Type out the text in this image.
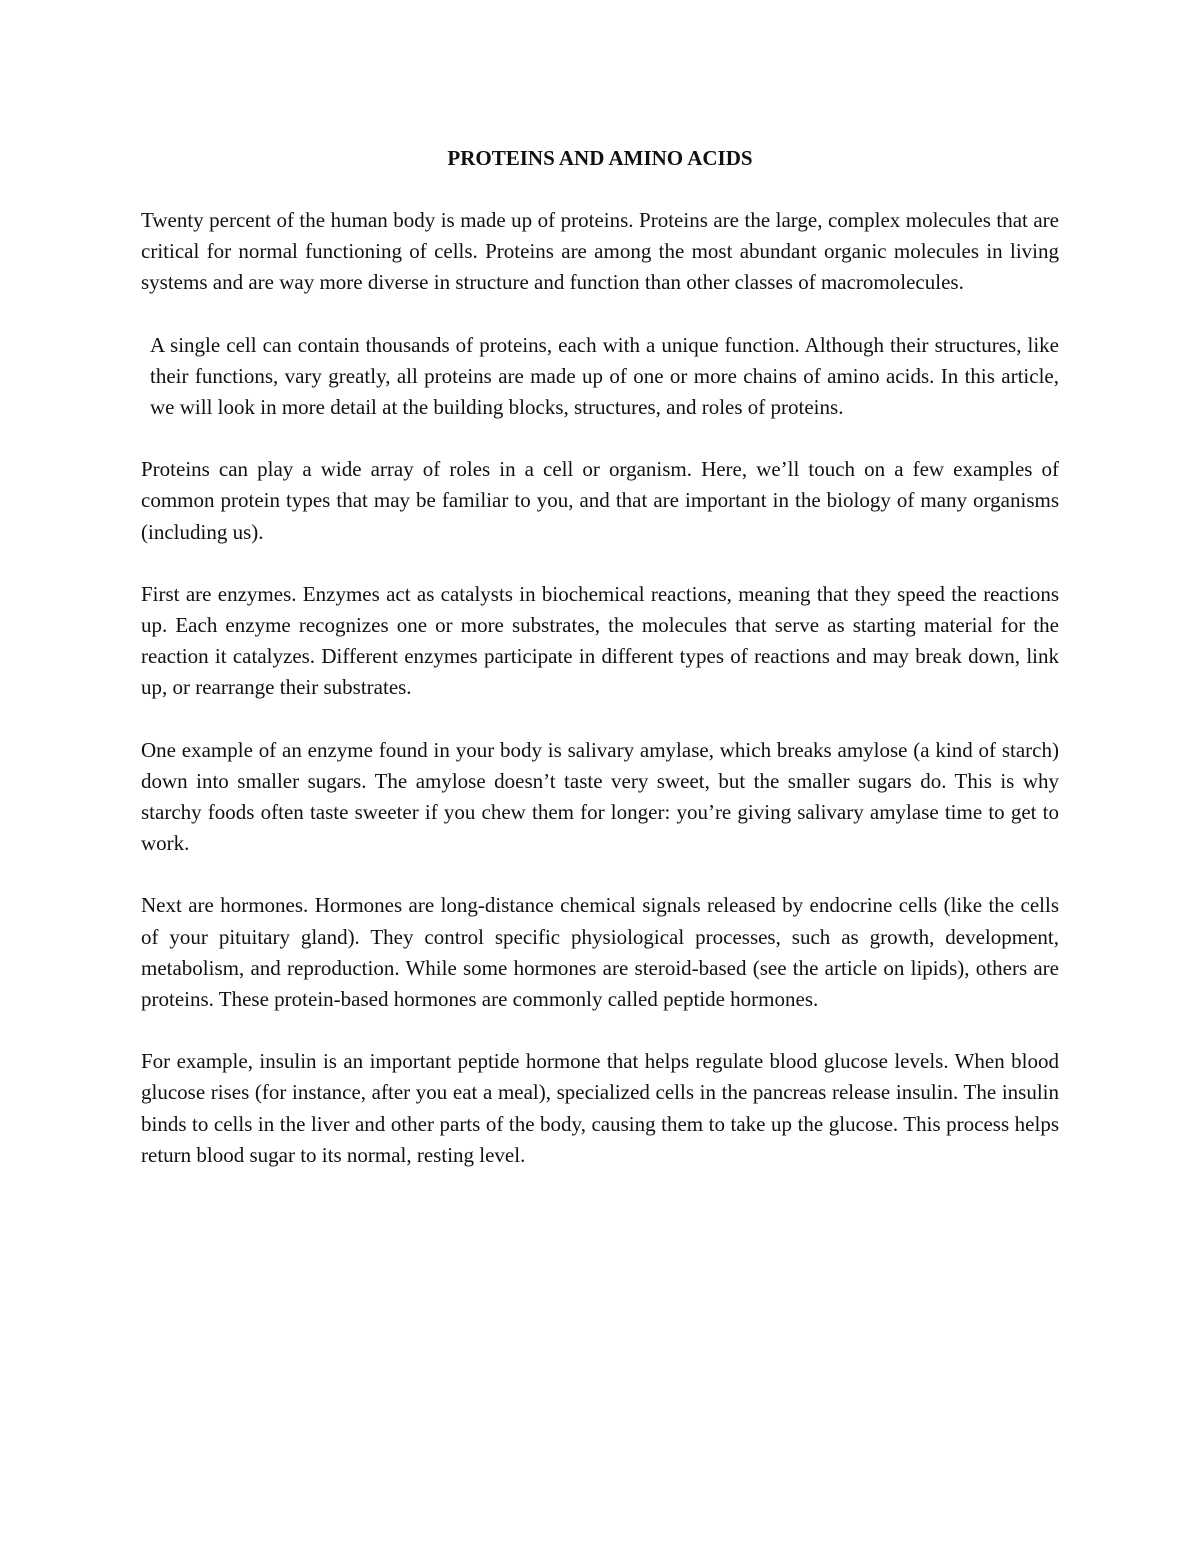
PROTEINS AND AMINO ACIDS

Twenty percent of the human body is made up of proteins. Proteins are the large, complex molecules that are critical for normal functioning of cells. Proteins are among the most abundant organic molecules in living systems and are way more diverse in structure and function than other classes of macromolecules.

A single cell can contain thousands of proteins, each with a unique function. Although their structures, like their functions, vary greatly, all proteins are made up of one or more chains of amino acids. In this article, we will look in more detail at the building blocks, structures, and roles of proteins.

Proteins can play a wide array of roles in a cell or organism. Here, we’ll touch on a few examples of common protein types that may be familiar to you, and that are important in the biology of many organisms (including us).

First are enzymes. Enzymes act as catalysts in biochemical reactions, meaning that they speed the reactions up. Each enzyme recognizes one or more substrates, the molecules that serve as starting material for the reaction it catalyzes. Different enzymes participate in different types of reactions and may break down, link up, or rearrange their substrates.

One example of an enzyme found in your body is salivary amylase, which breaks amylose (a kind of starch) down into smaller sugars. The amylose doesn’t taste very sweet, but the smaller sugars do. This is why starchy foods often taste sweeter if you chew them for longer: you’re giving salivary amylase time to get to work.

Next are hormones. Hormones are long-distance chemical signals released by endocrine cells (like the cells of your pituitary gland). They control specific physiological processes, such as growth, development, metabolism, and reproduction. While some hormones are steroid-based (see the article on lipids), others are proteins. These protein-based hormones are commonly called peptide hormones.

For example, insulin is an important peptide hormone that helps regulate blood glucose levels. When blood glucose rises (for instance, after you eat a meal), specialized cells in the pancreas release insulin. The insulin binds to cells in the liver and other parts of the body, causing them to take up the glucose. This process helps return blood sugar to its normal, resting level.
